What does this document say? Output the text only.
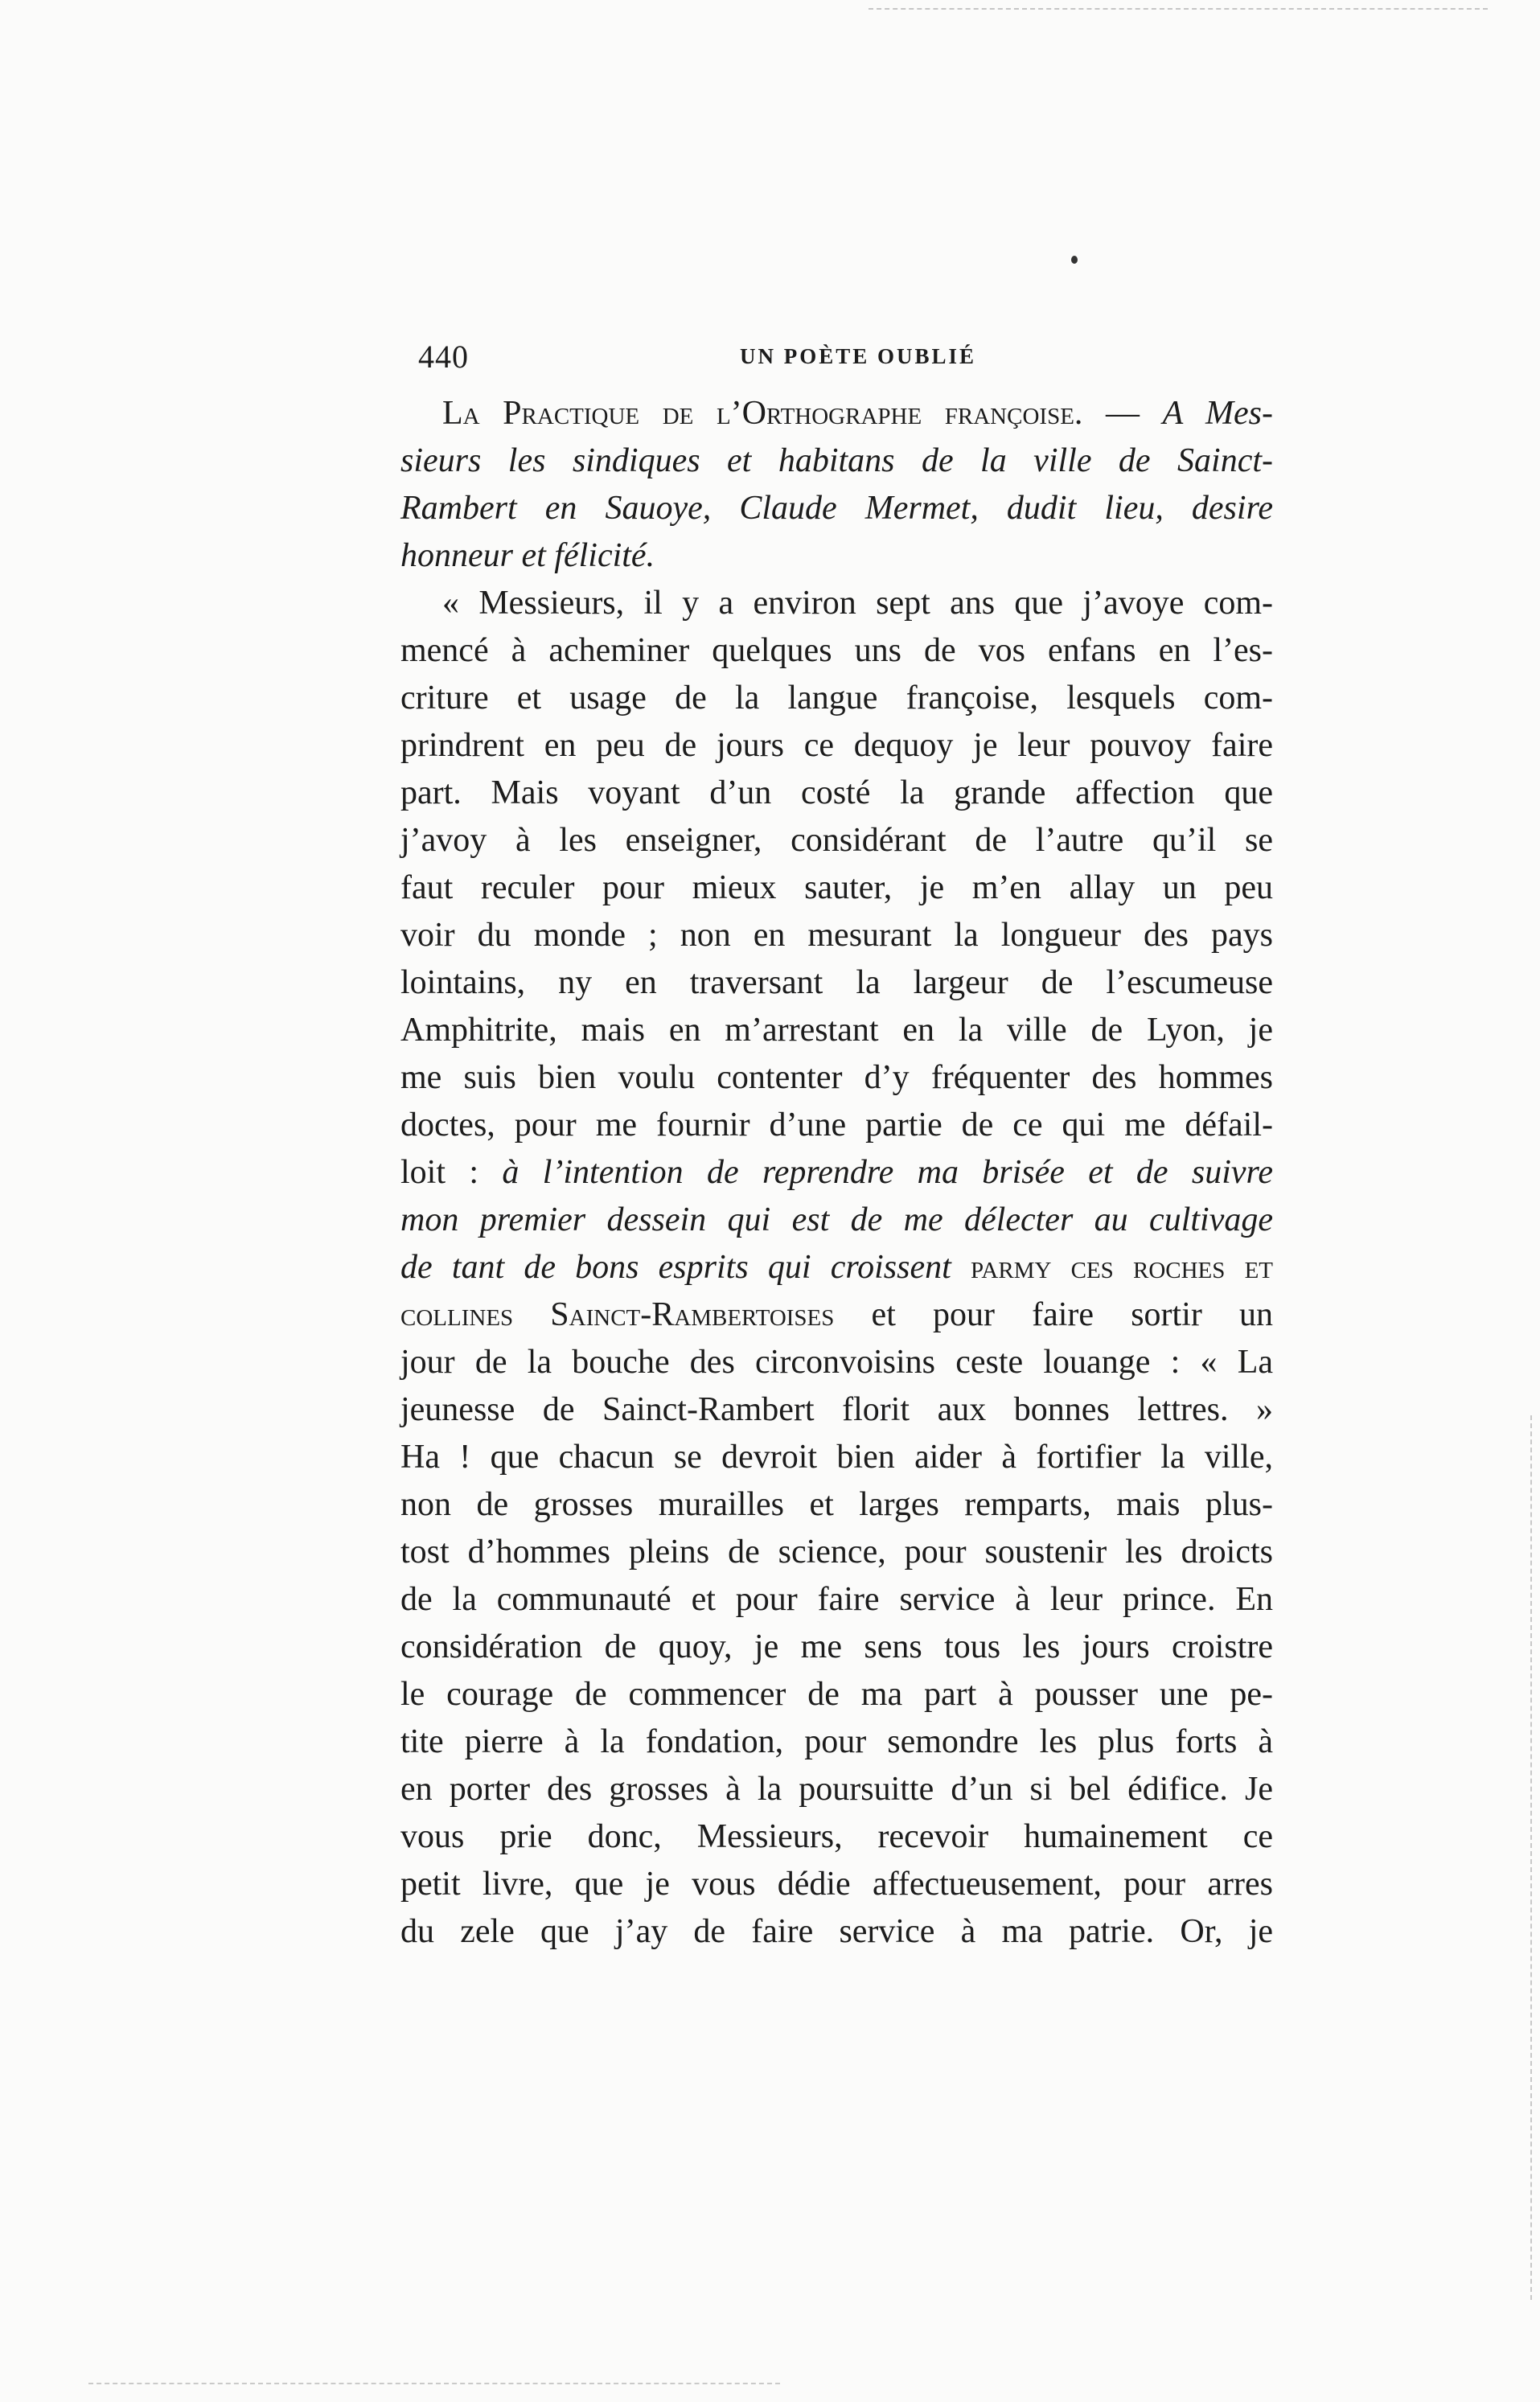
440	UN POÈTE OUBLIÉ
La Practique de l’Orthographe françoise. — A Mes-
sieurs les sindiques et habitans de la ville de Sainct-
Rambert en Sauoye, Claude Mermet, dudit lieu, desire
honneur et félicité.
« Messieurs, il y a environ sept ans que j’avoye com-
mencé à acheminer quelques uns de vos enfans en l’es-
criture et usage de la langue françoise, lesquels com-
prindrent en peu de jours ce dequoy je leur pouvoy faire
part. Mais voyant d’un costé la grande affection que
j’avoy à les enseigner, considérant de l’autre qu’il se
faut reculer pour mieux sauter, je m’en allay un peu
voir du monde ; non en mesurant la longueur des pays
lointains, ny en traversant la largeur de l’escumeuse
Amphitrite, mais en m’arrestant en la ville de Lyon, je
me suis bien voulu contenter d’y fréquenter des hommes
doctes, pour me fournir d’une partie de ce qui me défail-
loit : à l’intention de reprendre ma brisée et de suivre
mon premier dessein qui est de me délecter au cultivage
de tant de bons esprits qui croissent parmy ces roches et
collines Sainct-Rambertoises et pour faire sortir un
jour de la bouche des circonvoisins ceste louange : « La
jeunesse de Sainct-Rambert florit aux bonnes lettres. »
Ha ! que chacun se devroit bien aider à fortifier la ville,
non de grosses murailles et larges remparts, mais plus-
tost d’hommes pleins de science, pour soustenir les droicts
de la communauté et pour faire service à leur prince. En
considération de quoy, je me sens tous les jours croistre
le courage de commencer de ma part à pousser une pe-
tite pierre à la fondation, pour semondre les plus forts à
en porter des grosses à la poursuitte d’un si bel édifice. Je
vous prie donc, Messieurs, recevoir humainement ce
petit livre, que je vous dédie affectueusement, pour arres
du zele que j’ay de faire service à ma patrie. Or, je
